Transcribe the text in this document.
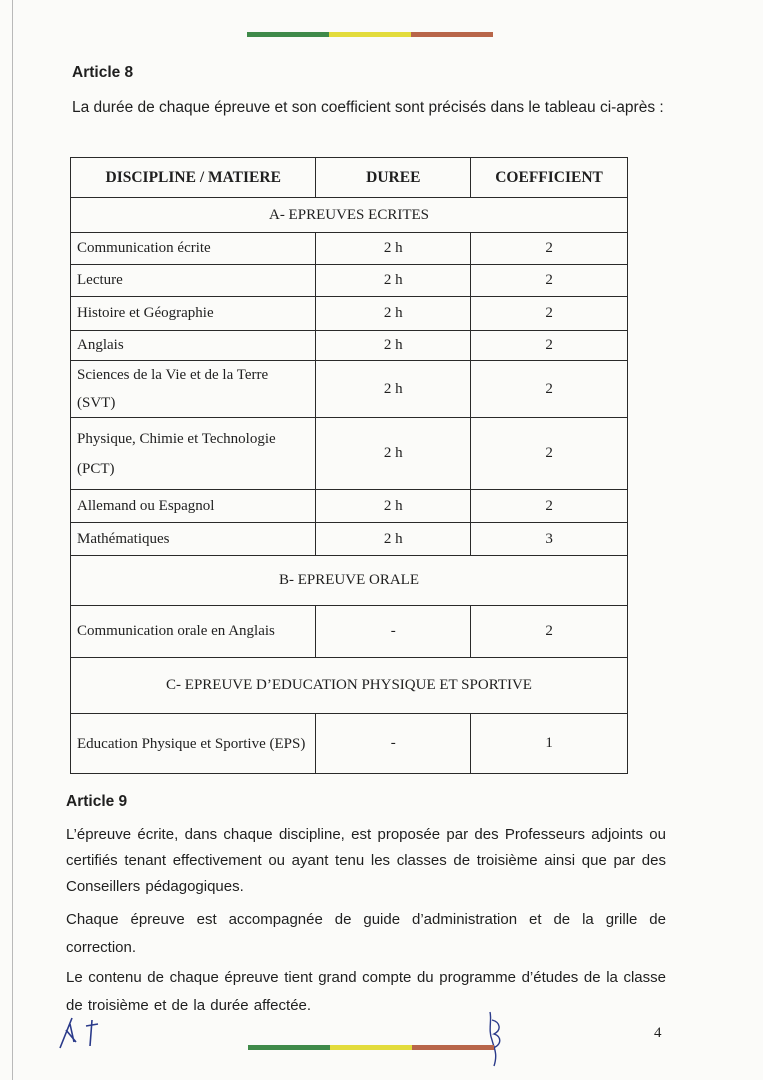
Article 8
La durée de chaque épreuve et son coefficient sont précisés dans le tableau ci-après :
DISCIPLINE / MATIERE	DUREE	COEFFICIENT
A- EPREUVES ECRITES		
Communication écrite	2 h	2
Lecture	2 h	2
Histoire et Géographie	2 h	2
Anglais	2 h	2
Sciences de la Vie et de la Terre (SVT)	2 h	2
Physique, Chimie et Technologie (PCT)	2 h	2
Allemand ou Espagnol	2 h	2
Mathématiques	2 h	3
B- EPREUVE ORALE		
Communication orale en Anglais	-	2
C- EPREUVE D’EDUCATION PHYSIQUE ET SPORTIVE		
Education Physique et Sportive (EPS)	-	1
Article 9
L’épreuve écrite, dans chaque discipline, est proposée par des Professeurs adjoints ou certifiés tenant effectivement ou ayant tenu les classes de troisième ainsi que par des Conseillers pédagogiques.
Chaque épreuve est accompagnée de guide d’administration et de la grille de correction.
Le contenu de chaque épreuve tient grand compte du programme d’études de la classe de troisième et de la durée affectée.
4
